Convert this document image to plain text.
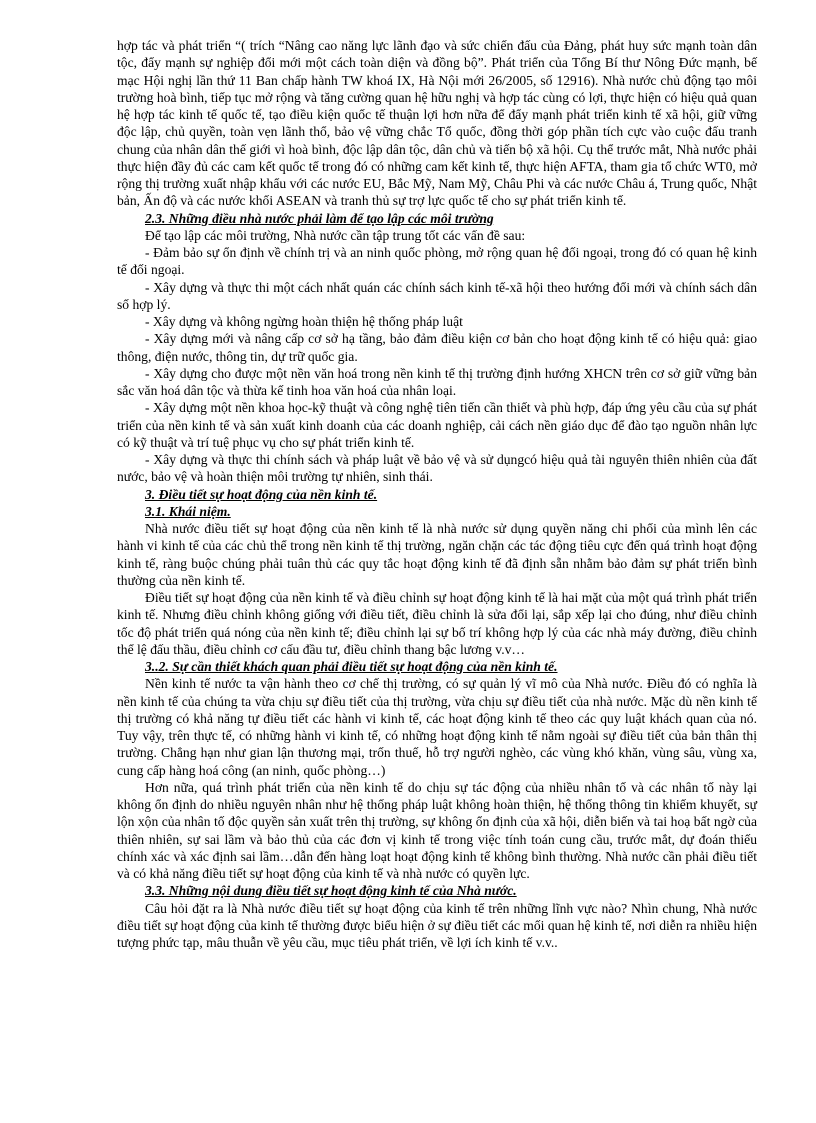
hợp tác và phát triển “( trích “Nâng cao năng lực lãnh đạo và sức chiến đấu của Đảng, phát huy sức mạnh toàn dân tộc, đẩy mạnh sự nghiệp đổi mới một cách toàn diện và đồng bộ”. Phát triển của Tổng Bí thư Nông Đức mạnh, bế mạc Hội nghị lần thứ 11 Ban chấp hành TW khoá IX, Hà Nội mới 26/2005, số 12916). Nhà nước chủ động tạo môi trường hoà bình, tiếp tục mở rộng và tăng cường quan hệ hữu nghị và hợp tác cùng có lợi, thực hiện có hiệu quả quan hệ hợp tác kinh tế quốc tế, tạo điều kiện quốc tế thuận lợi hơn nữa để đẩy mạnh phát triển kinh tế xã hội, giữ vững độc lập, chủ quyền, toàn vẹn lãnh thổ, bảo vệ vững chắc Tổ quốc, đồng thời góp phần tích cực vào cuộc đấu tranh chung của nhân dân thế giới vì hoà bình, độc lập dân tộc, dân chủ và tiến bộ xã hội. Cụ thể trước mắt, Nhà nước phải thực hiện đầy đủ các cam kết quốc tế trong đó có những cam kết kinh tế, thực hiện AFTA, tham gia tổ chức WT0, mở rộng thị trường xuất nhập khẩu với các nước EU, Bắc Mỹ, Nam Mỹ, Châu Phi và các nước Châu á, Trung quốc, Nhật bản, Ấn độ và các nước khối ASEAN và tranh thủ sự trợ lực quốc tế cho sự phát triển kinh tế.

2.3. Những điều nhà nước phải làm để tạo lập các môi trường

Để tạo lập các môi trường, Nhà nước cần tập trung tốt các vấn đề sau:

- Đảm bảo sự ổn định về chính trị và an ninh quốc phòng, mở rộng quan hệ đối ngoại, trong đó có quan hệ kinh tế đối ngoại.

- Xây dựng và thực thi một cách nhất quán các chính sách kinh tế-xã hội theo hướng đổi mới và chính sách dân số hợp lý.

- Xây dựng và không ngừng hoàn thiện hệ thống pháp luật

- Xây dựng mới và nâng cấp cơ sở hạ tầng, bảo đảm điều kiện cơ bản cho hoạt động kinh tế có hiệu quả: giao thông, điện nước, thông tin, dự trữ quốc gia.

- Xây dựng cho được một nền văn hoá trong nền kinh tế thị trường định hướng XHCN trên cơ sở giữ vững bản sắc văn hoá dân tộc và thừa kế tinh hoa văn hoá của nhân loại.

- Xây dựng một nền khoa học-kỹ thuật và công nghệ tiên tiến cần thiết và phù hợp, đáp ứng yêu cầu của sự phát triển của nền kinh tế và sản xuất kinh doanh của các doanh nghiệp, cải cách nền giáo dục để đào tạo nguồn nhân lực có kỹ thuật và trí tuệ phục vụ cho sự phát triển kinh tế.

- Xây dựng và thực thi chính sách và pháp luật về bảo vệ và sử dụngcó hiệu quả tài nguyên thiên nhiên của đất nước, bảo vệ và hoàn thiện môi trường tự nhiên, sinh thái.

3. Điều tiết sự hoạt động của nền kinh tế.

3.1. Khái niệm.

Nhà nước điều tiết sự hoạt động của nền kinh tế là nhà nước sử dụng quyền năng chi phối của mình lên các hành vi kinh tế của các chủ thể trong nền kinh tế thị trường, ngăn chặn các tác động tiêu cực đến quá trình hoạt động kinh tế, ràng buộc chúng phải tuân thủ các quy tắc hoạt động kinh tế đã định sẵn nhằm bảo đảm sự phát triển bình thường của nền kinh tế.

Điều tiết sự hoạt động của nền kinh tế và điều chỉnh sự hoạt động kinh tế là hai mặt của một quá trình phát triển kinh tế. Nhưng điều chỉnh không giống với điều tiết, điều chỉnh là sửa đổi lại, sắp xếp lại cho đúng, như điều chỉnh tốc độ phát triển quá nóng của nền kinh tế; điều chỉnh lại sự bố trí không hợp lý của các nhà máy đường, điều chỉnh thể lệ đấu thầu, điều chỉnh cơ cấu đầu tư, điều chỉnh thang bậc lương v.v…

3..2. Sự cần thiết khách quan phải điều tiết sự hoạt động của nền kinh tế.

Nền kinh tế nước ta vận hành theo cơ chế thị trường, có sự quản lý vĩ mô của Nhà nước. Điều đó có nghĩa là nền kinh tế của chúng ta vừa chịu sự điều tiết của thị trường, vừa chịu sự điều tiết của nhà nước. Mặc dù nền kinh tế thị trường có khả năng tự điều tiết các hành vi kinh tế, các hoạt động kinh tế theo các quy luật khách quan của nó. Tuy vậy, trên thực tế, có những hành vi kinh tế, có những hoạt động kinh tế nằm ngoài sự điều tiết của bản thân thị trường. Chẳng hạn như gian lận thương mại, trốn thuế, hỗ trợ người nghèo, các vùng khó khăn, vùng sâu, vùng xa, cung cấp hàng hoá công (an ninh, quốc phòng…)

Hơn nữa, quá trình phát triển của nền kinh tế do chịu sự tác động của nhiều nhân tố và các nhân tố này lại không ổn định do nhiều nguyên nhân như hệ thống pháp luật không hoàn thiện, hệ thống thông tin khiếm khuyết, sự lộn xộn của nhân tố độc quyền sản xuất trên thị trường, sự không ổn định của xã hội, diễn biến và tai hoạ bất ngờ của thiên nhiên, sự sai lầm và bảo thủ của các đơn vị kinh tế trong việc tính toán cung cầu, trước mắt, dự đoán thiếu chính xác và xác định sai lầm…dẫn đến hàng loạt hoạt động kinh tế không bình thường. Nhà nước cần phải điều tiết và có khả năng điều tiết sự hoạt động của kinh tế và nhà nước có quyền lực.

3.3. Những nội dung điều tiết sự hoạt động kinh tế của Nhà nước.

Câu hỏi đặt ra là Nhà nước điều tiết sự hoạt động của kinh tế trên những lĩnh vực nào? Nhìn chung, Nhà nước điều tiết sự hoạt động của kinh tế thường được biểu hiện ở sự điều tiết các mối quan hệ kinh tế, nơi diễn ra nhiều hiện tượng phức tạp, mâu thuẫn về yêu cầu, mục tiêu phát triển, về lợi ích kinh tế v.v..
